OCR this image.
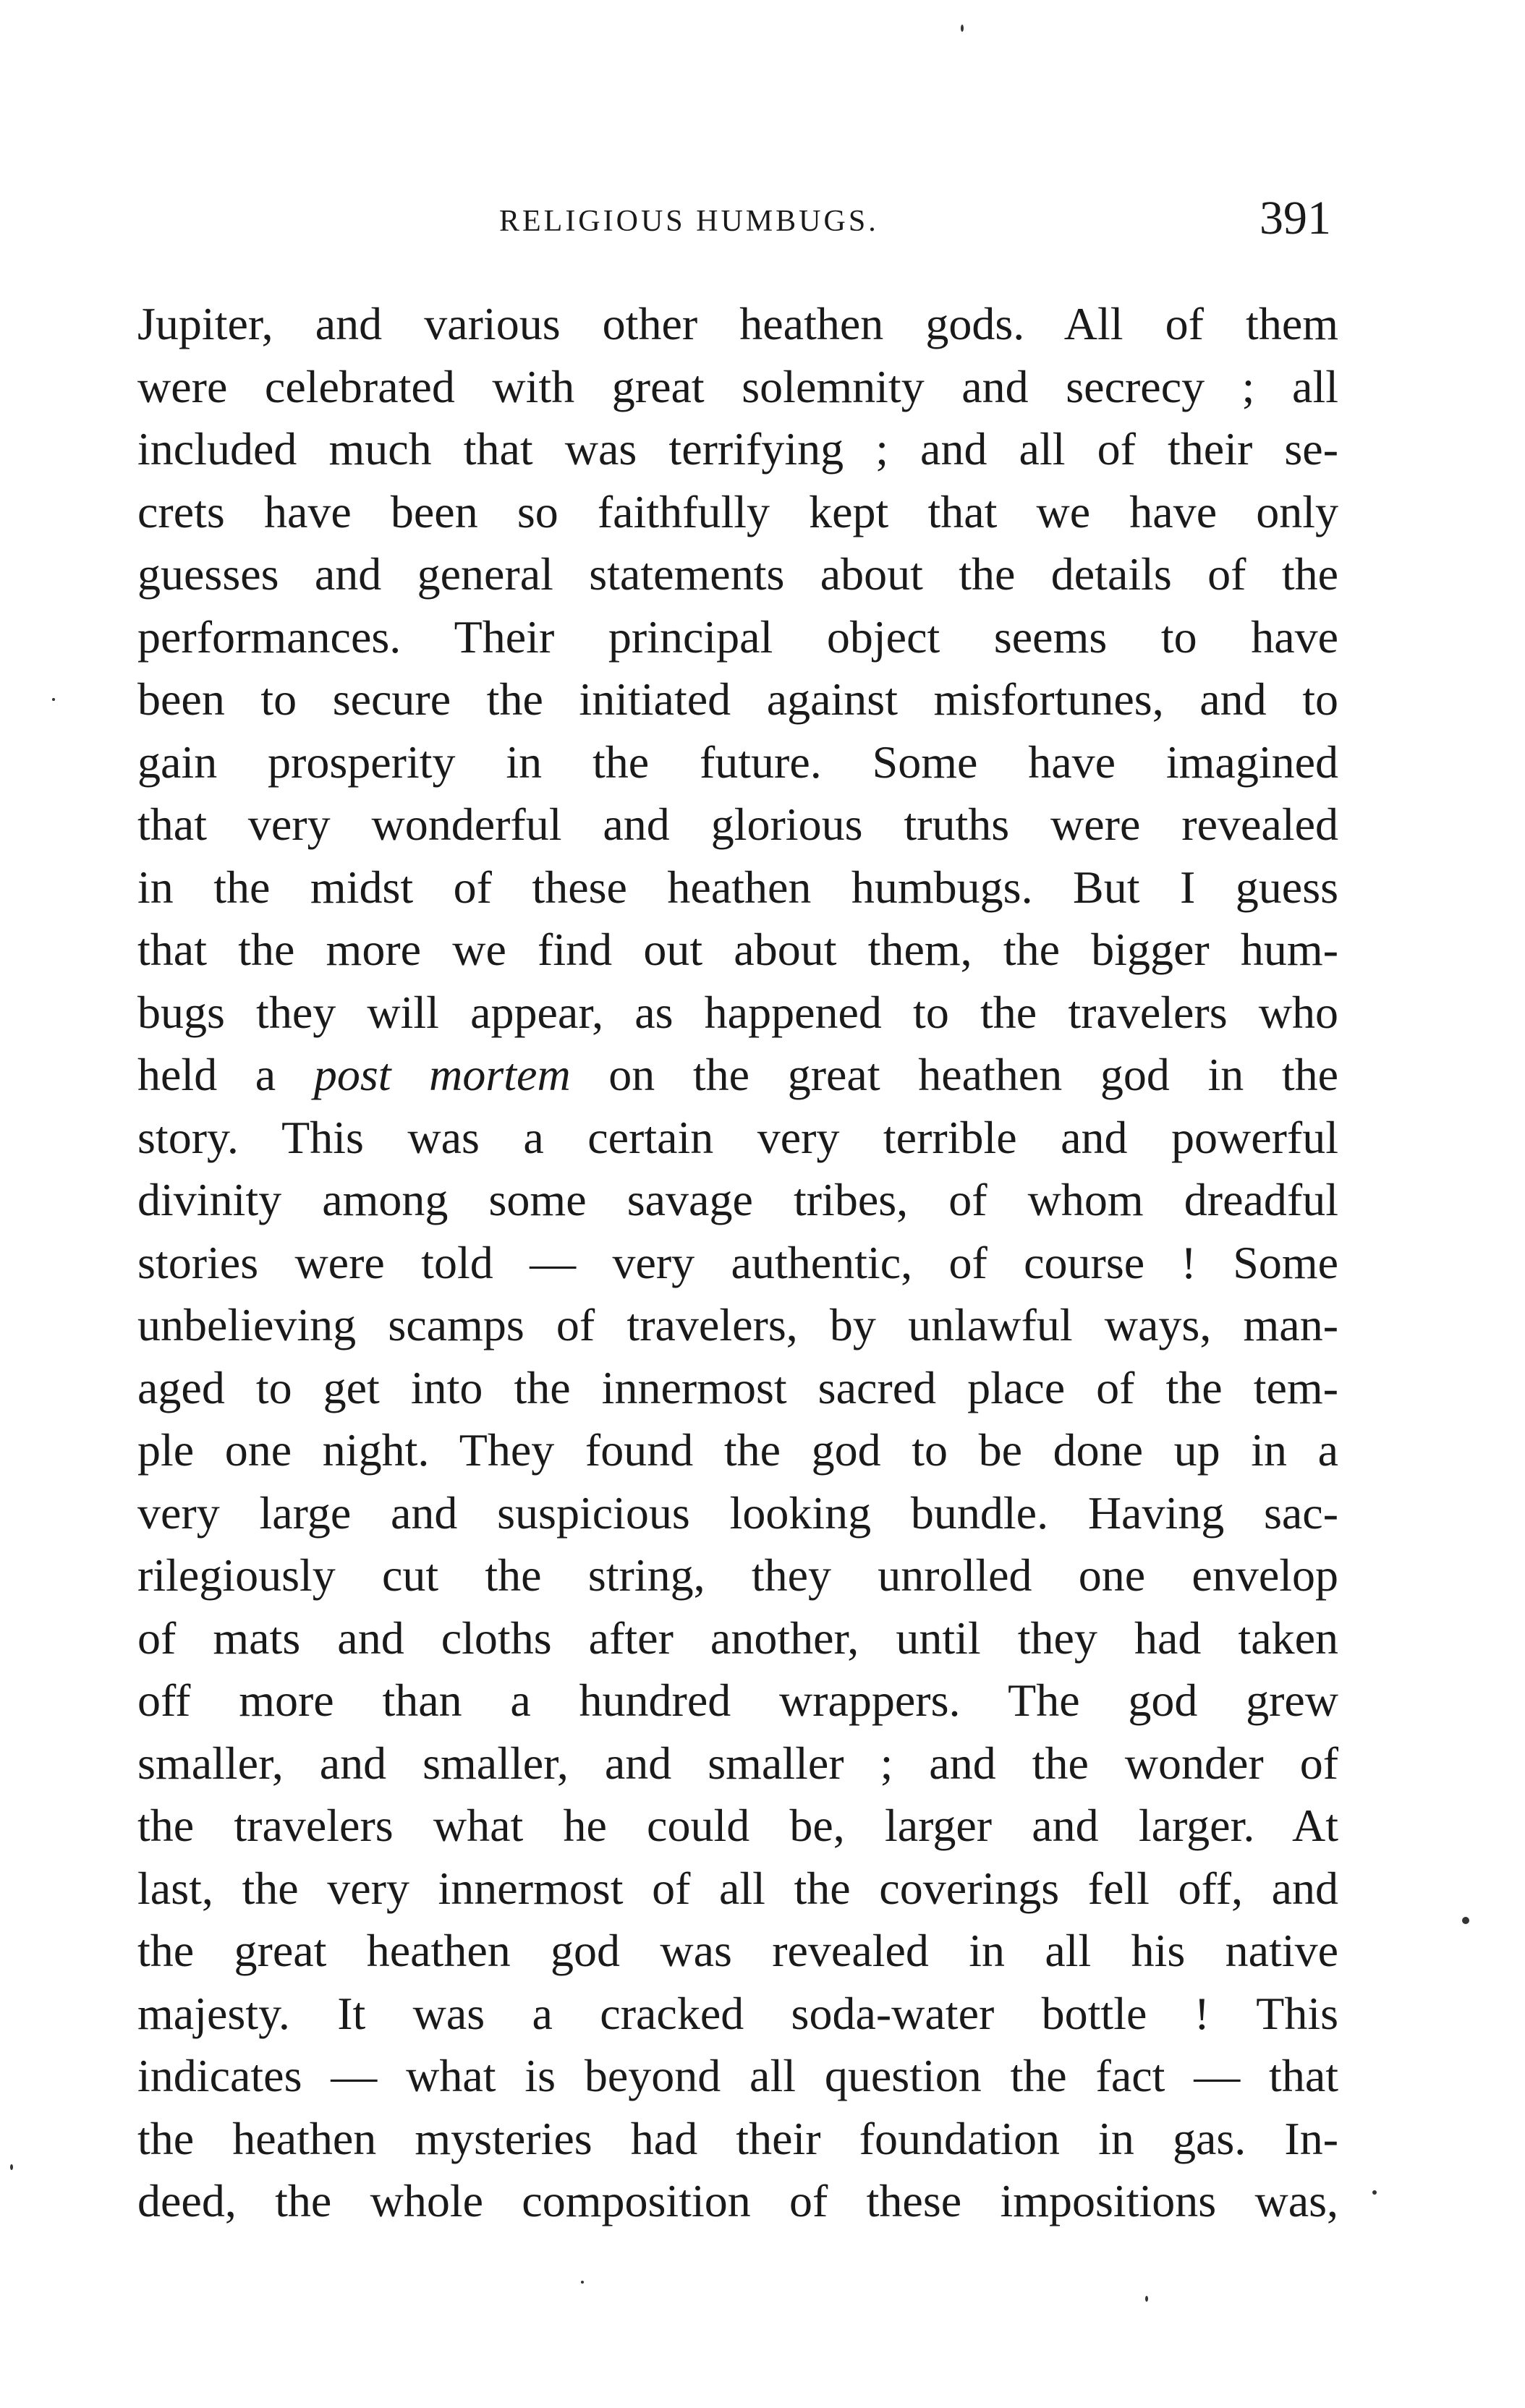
RELIGIOUS HUMBUGS.	391
Jupiter, and various other heathen gods. All of them
were celebrated with great solemnity and secrecy ; all
included much that was terrifying ; and all of their se-
crets have been so faithfully kept that we have only
guesses and general statements about the details of the
performances. Their principal object seems to have
been to secure the initiated against misfortunes, and to
gain prosperity in the future. Some have imagined
that very wonderful and glorious truths were revealed
in the midst of these heathen humbugs. But I guess
that the more we find out about them, the bigger hum-
bugs they will appear, as happened to the travelers who
held a post mortem on the great heathen god in the
story. This was a certain very terrible and powerful
divinity among some savage tribes, of whom dreadful
stories were told — very authentic, of course ! Some
unbelieving scamps of travelers, by unlawful ways, man-
aged to get into the innermost sacred place of the tem-
ple one night. They found the god to be done up in a
very large and suspicious looking bundle. Having sac-
rilegiously cut the string, they unrolled one envelop
of mats and cloths after another, until they had taken
off more than a hundred wrappers. The god grew
smaller, and smaller, and smaller ; and the wonder of
the travelers what he could be, larger and larger. At
last, the very innermost of all the coverings fell off, and
the great heathen god was revealed in all his native
majesty. It was a cracked soda-water bottle ! This
indicates — what is beyond all question the fact — that
the heathen mysteries had their foundation in gas. In-
deed, the whole composition of these impositions was,
